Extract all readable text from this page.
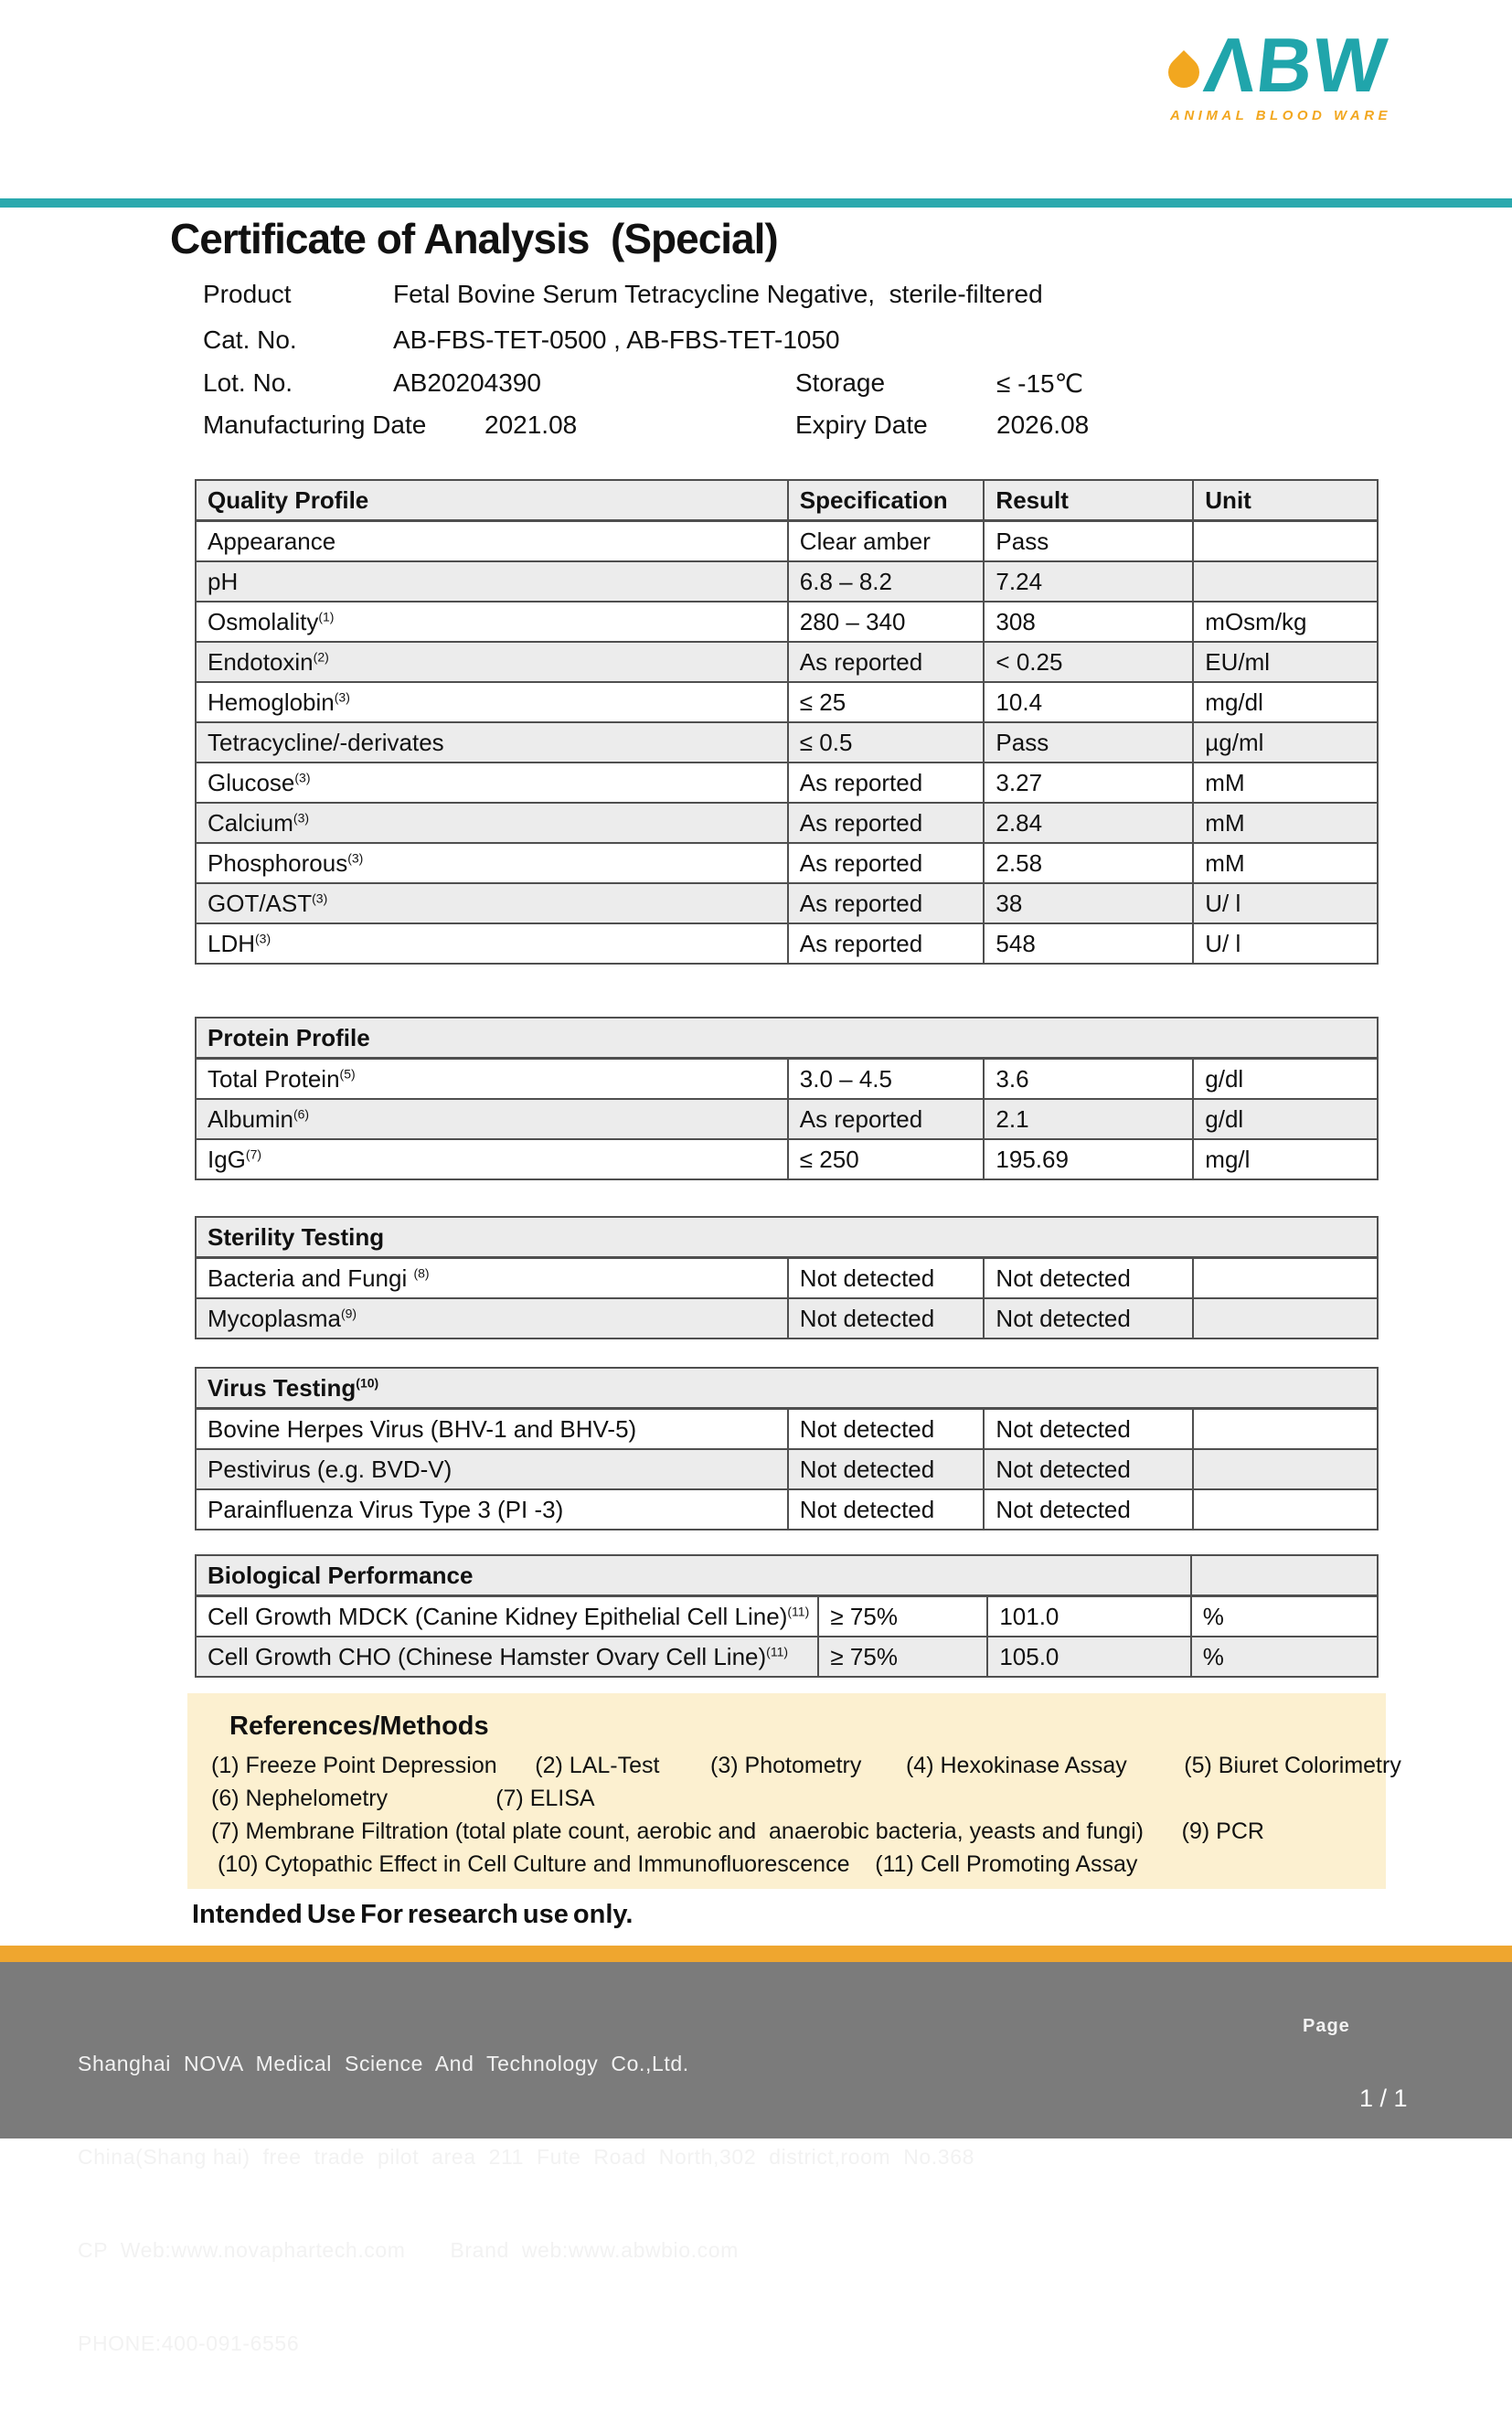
ΛBW
ANIMAL BLOOD WARE
Certificate of Analysis  (Special)
Product	Fetal Bovine Serum Tetracycline Negative,  sterile-filtered
Cat. No.	AB-FBS-TET-0500 , AB-FBS-TET-1050
Lot. No.	AB20204390	Storage	≤ -15℃
Manufacturing Date 2021.08	Expiry Date	2026.08
Quality Profile	Specification	Result	Unit
Appearance	Clear amber	Pass	
pH	6.8 – 8.2	7.24	
Osmolality$^{(1)}$	280 – 340	308	mOsm/kg
Endotoxin$^{(2)}$	As reported	< 0.25	EU/ml
Hemoglobin$^{(3)}$	≤ 25	10.4	mg/dl
Tetracycline/-derivates	≤ 0.5	Pass	µg/ml
Glucose$^{(3)}$	As reported	3.27	mM
Calcium$^{(3)}$	As reported	2.84	mM
Phosphorous$^{(3)}$	As reported	2.58	mM
GOT/AST$^{(3)}$	As reported	38	U/ l
LDH$^{(3)}$	As reported	548	U/ l
Protein Profile			
Total Protein$^{(5)}$	3.0 – 4.5	3.6	g/dl
Albumin$^{(6)}$	As reported	2.1	g/dl
IgG$^{(7)}$	≤ 250	195.69	mg/l
Sterility Testing			
Bacteria and Fungi $^{(8)}$	Not detected	Not detected	
Mycoplasma$^{(9)}$	Not detected	Not detected	
Virus Testing$^{(10)}$
Bovine Herpes Virus (BHV-1 and BHV-5)	Not detected	Not detected	
Pestivirus (e.g. BVD-V)	Not detected	Not detected	
Parainfluenza Virus Type 3 (PI -3)	Not detected	Not detected	
Biological Performance			
Cell Growth MDCK (Canine Kidney Epithelial Cell Line)$^{(11)}$	≥ 75%	101.0	%
Cell Growth CHO (Chinese Hamster Ovary Cell Line)$^{(11)}$	≥ 75%	105.0	%
References/Methods
(1) Freeze Point Depression      (2) LAL-Test        (3) Photometry       (4) Hexokinase Assay         (5) Biuret Colorimetry
(6) Nephelometry                 (7) ELISA
(7) Membrane Filtration (total plate count, aerobic and  anaerobic bacteria, yeasts and fungi)      (9) PCR
(10) Cytopathic Effect in Cell Culture and Immunofluorescence    (11) Cell Promoting Assay
Intended Use For research use only.

Shanghai  NOVA  Medical  Science  And  Technology  Co.,Ltd.

China(Shang hai)  free  trade  pilot  area  211  Fute  Road  North,302  district,room  No.368

CP  Web:www.novaphartech.com       Brand  web:www.abwbio.com

PHONE:400-091-6556

Page
1 / 1
